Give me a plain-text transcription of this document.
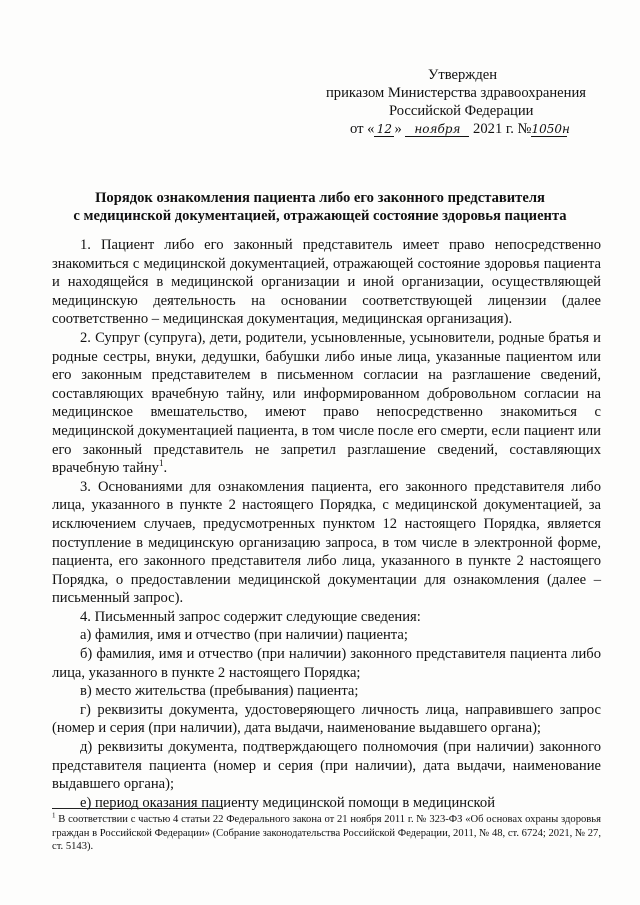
Утвержден
приказом Министерства здравоохранения
Российской Федерации
от « 12 » ноября 2021 г. №1050н
Порядок ознакомления пациента либо его законного представителя
с медицинской документацией, отражающей состояние здоровья пациента

1. Пациент либо его законный представитель имеет право непосредственно знакомиться с медицинской документацией, отражающей состояние здоровья пациента и находящейся в медицинской организации и иной организации, осуществляющей медицинскую деятельность на основании соответствующей лицензии (далее соответственно – медицинская документация, медицинская организация).

2. Супруг (супруга), дети, родители, усыновленные, усыновители, родные братья и родные сестры, внуки, дедушки, бабушки либо иные лица, указанные пациентом или его законным представителем в письменном согласии на разглашение сведений, составляющих врачебную тайну, или информированном добровольном согласии на медицинское вмешательство, имеют право непосредственно знакомиться с медицинской документацией пациента, в том числе после его смерти, если пациент или его законный представитель не запретил разглашение сведений, составляющих врачебную тайну$^1$.

3. Основаниями для ознакомления пациента, его законного представителя либо лица, указанного в пункте 2 настоящего Порядка, с медицинской документацией, за исключением случаев, предусмотренных пунктом 12 настоящего Порядка, является поступление в медицинскую организацию запроса, в том числе в электронной форме, пациента, его законного представителя либо лица, указанного в пункте 2 настоящего Порядка, о предоставлении медицинской документации для ознакомления (далее – письменный запрос).

4. Письменный запрос содержит следующие сведения:

а) фамилия, имя и отчество (при наличии) пациента;

б) фамилия, имя и отчество (при наличии) законного представителя пациента либо лица, указанного в пункте 2 настоящего Порядка;

в) место жительства (пребывания) пациента;

г) реквизиты документа, удостоверяющего личность лица, направившего запрос (номер и серия (при наличии), дата выдачи, наименование выдавшего органа);

д) реквизиты документа, подтверждающего полномочия (при наличии) законного представителя пациента (номер и серия (при наличии), дата выдачи, наименование выдавшего органа);

е) период оказания пациенту медицинской помощи в медицинской

$^1$ В соответствии с частью 4 статьи 22 Федерального закона от 21 ноября 2011 г. № 323-ФЗ «Об основах охраны здоровья граждан в Российской Федерации» (Собрание законодательства Российской Федерации, 2011, № 48, ст. 6724; 2021, № 27, ст. 5143).
